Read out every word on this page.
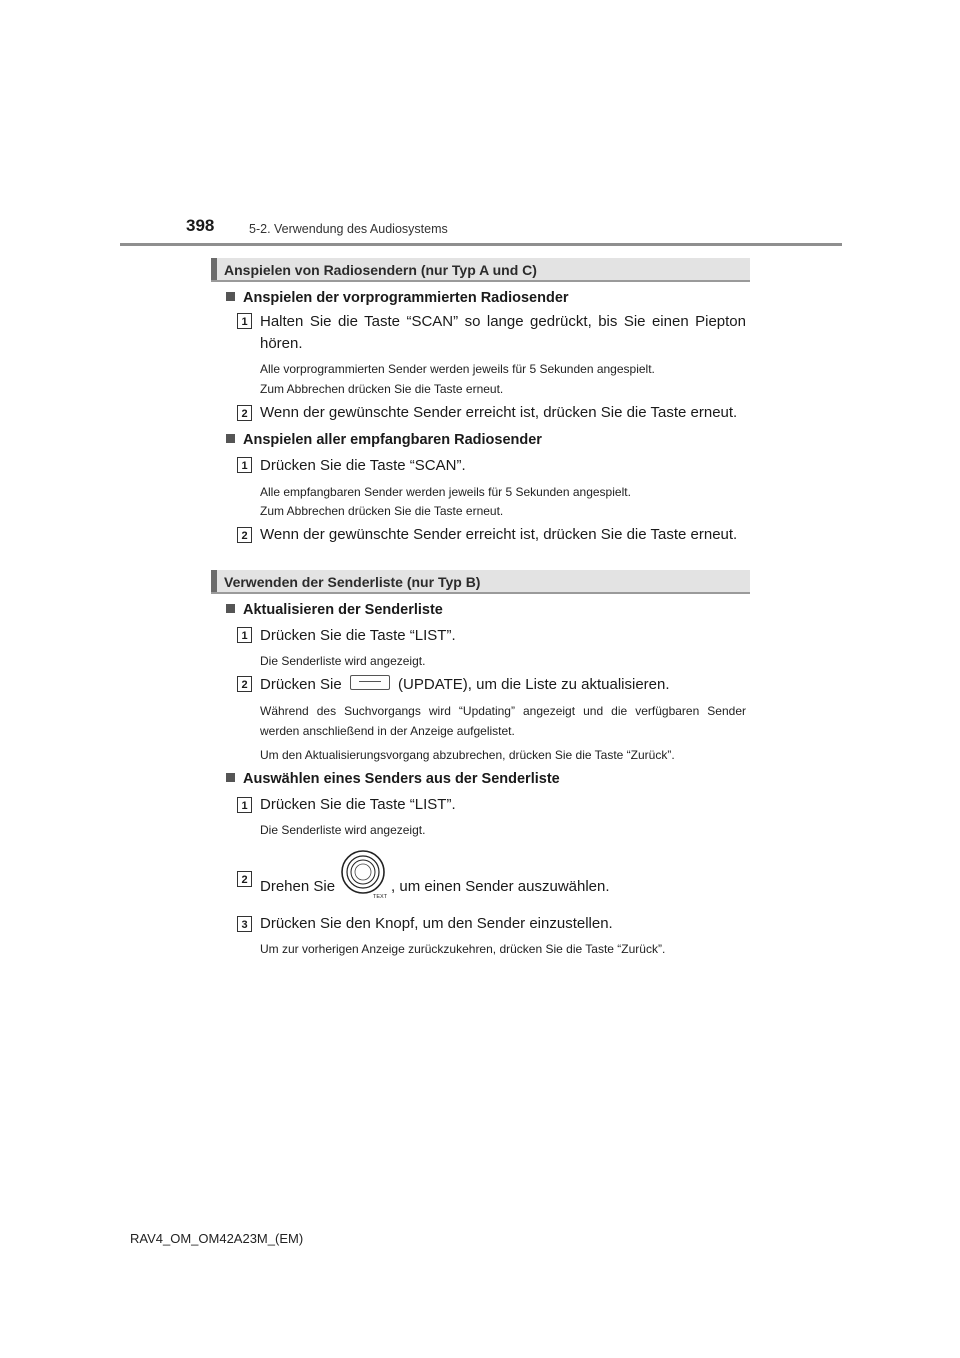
398	5-2. Verwendung des Audiosystems
Anspielen von Radiosendern (nur Typ A und C)
Anspielen der vorprogrammierten Radiosender
1 Halten Sie die Taste “SCAN” so lange gedrückt, bis Sie einen Piepton hören.
Alle vorprogrammierten Sender werden jeweils für 5 Sekunden angespielt.
Zum Abbrechen drücken Sie die Taste erneut.
2 Wenn der gewünschte Sender erreicht ist, drücken Sie die Taste erneut.
Anspielen aller empfangbaren Radiosender
1 Drücken Sie die Taste “SCAN”.
Alle empfangbaren Sender werden jeweils für 5 Sekunden angespielt.
Zum Abbrechen drücken Sie die Taste erneut.
2 Wenn der gewünschte Sender erreicht ist, drücken Sie die Taste erneut.
Verwenden der Senderliste (nur Typ B)
Aktualisieren der Senderliste
1 Drücken Sie die Taste “LIST”.
Die Senderliste wird angezeigt.
2 Drücken Sie	(UPDATE), um die Liste zu aktualisieren.
Während des Suchvorgangs wird “Updating” angezeigt und die verfügbaren Sender werden anschließend in der Anzeige aufgelistet.
Um den Aktualisierungsvorgang abzubrechen, drücken Sie die Taste “Zurück”.
Auswählen eines Senders aus der Senderliste
1 Drücken Sie die Taste “LIST”.
Die Senderliste wird angezeigt.
2 Drehen Sie
TEXT
, um einen Sender auszuwählen.
3 Drücken Sie den Knopf, um den Sender einzustellen.
Um zur vorherigen Anzeige zurückzukehren, drücken Sie die Taste “Zurück”.
RAV4_OM_OM42A23M_(EM)
